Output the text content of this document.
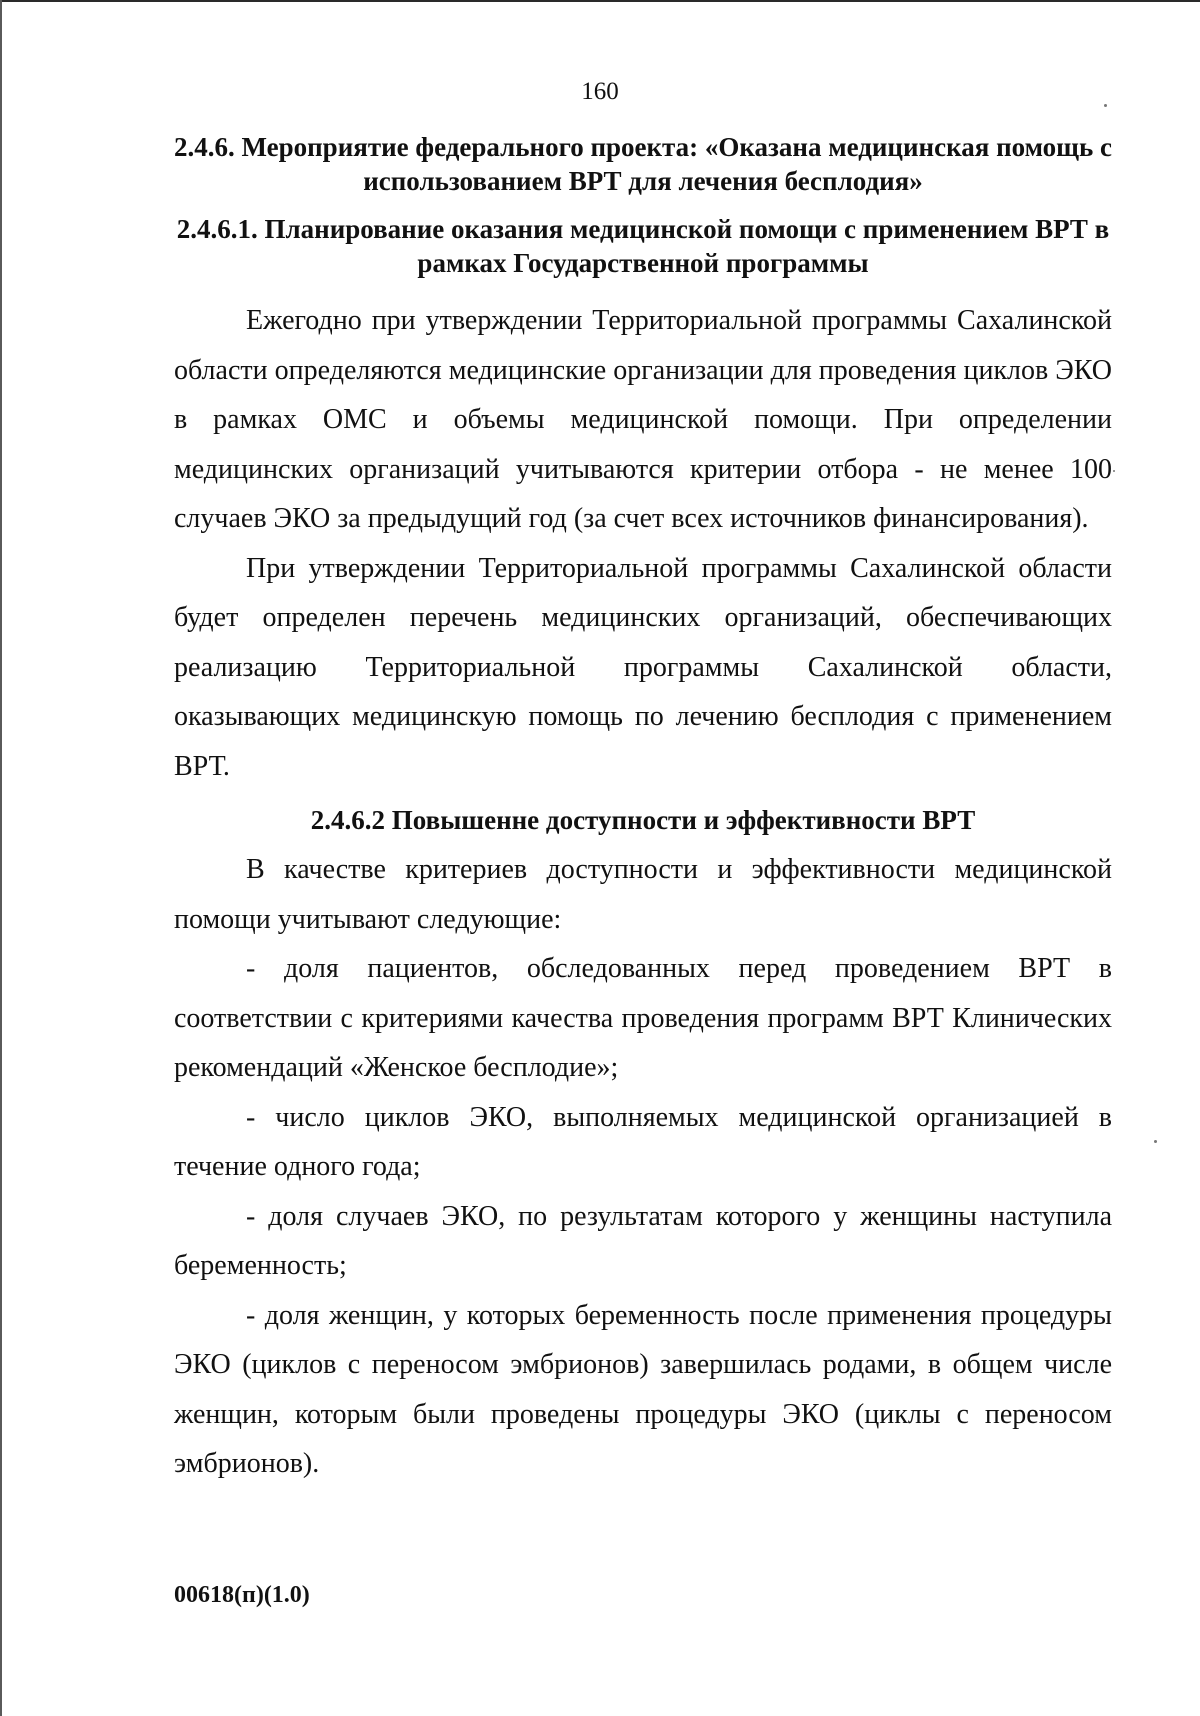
160

2.4.6. Мероприятие федерального проекта: «Оказана медицинская помощь с использованием ВРТ для лечения бесплодия»

2.4.6.1. Планирование оказания медицинской помощи с применением ВРТ в рамках Государственной программы

Ежегодно при утверждении Территориальной программы Сахалинской области определяются медицинские организации для проведения циклов ЭКО в рамках ОМС и объемы медицинской помощи. При определении медицинских организаций учитываются критерии отбора - не менее 100 случаев ЭКО за предыдущий год (за счет всех источников финансирования).

При утверждении Территориальной программы Сахалинской области будет определен перечень медицинских организаций, обеспечивающих реализацию Территориальной программы Сахалинской области, оказывающих медицинскую помощь по лечению бесплодия с применением ВРТ.

2.4.6.2 Повышенне доступности и эффективности ВРТ

В качестве критериев доступности и эффективности медицинской помощи учитывают следующие:

- доля пациентов, обследованных перед проведением ВРТ в соответствии с критериями качества проведения программ ВРТ Клинических рекомендаций «Женское бесплодие»;

- число циклов ЭКО, выполняемых медицинской организацией в течение одного года;

- доля случаев ЭКО, по результатам которого у женщины наступила беременность;

- доля женщин, у которых беременность после применения процедуры ЭКО (циклов с переносом эмбрионов) завершилась родами, в общем числе женщин, которым были проведены процедуры ЭКО (циклы с переносом эмбрионов).

00618(п)(1.0)
